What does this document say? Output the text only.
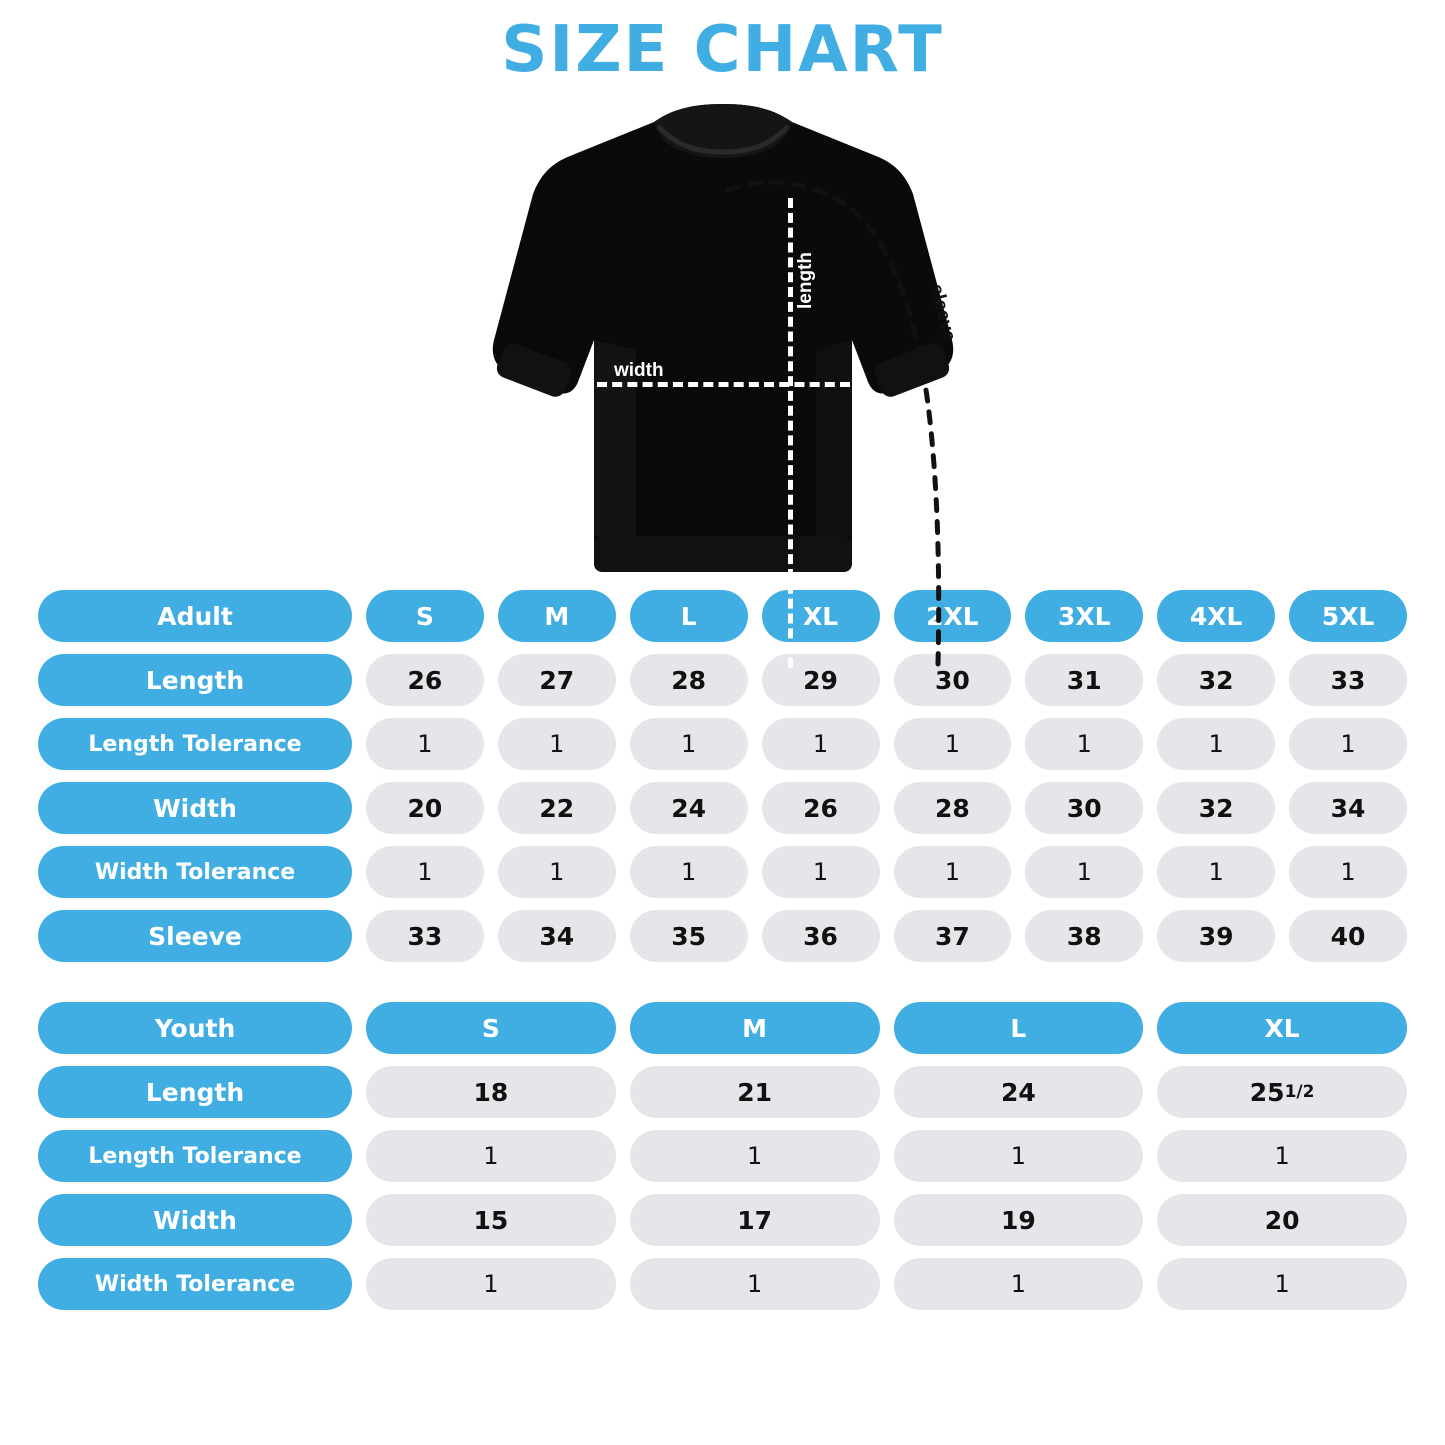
SIZE CHART
length
width
sleeve
Adult	S	M	L	XL	2XL	3XL	4XL	5XL
Length	26	27	28	29	30	31	32	33
Length Tolerance	1	1	1	1	1	1	1	1
Width	20	22	24	26	28	30	32	34
Width Tolerance	1	1	1	1	1	1	1	1
Sleeve	33	34	35	36	37	38	39	40
Youth	S	M	L	XL
Length	18	21	24	25 1/2
Length Tolerance	1	1	1	1
Width	15	17	19	20
Width Tolerance	1	1	1	1
